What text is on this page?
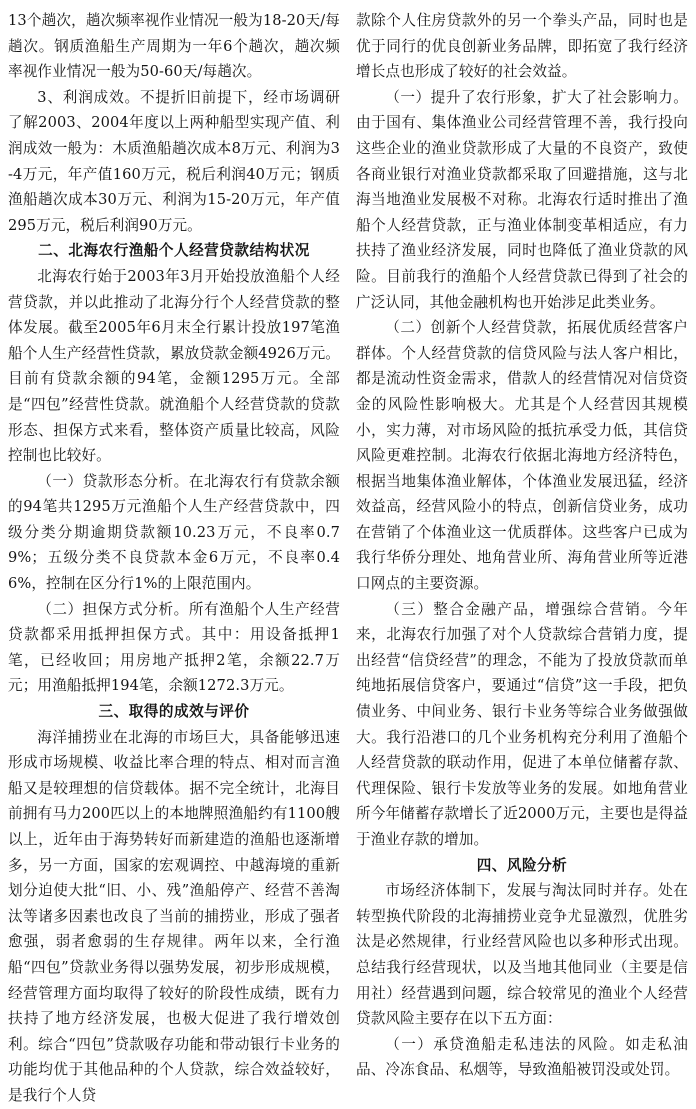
13个趟次，趟次频率视作业情况一般为18-20天/每趟次。钢质渔船生产周期为一年6个趟次，趟次频率视作业情况一般为50-60天/每趟次。

3、利润成效。不提折旧前提下，经市场调研了解2003、2004年度以上两种船型实现产值、利润成效一般为：木质渔船趟次成本8万元、利润为3-4万元，年产值160万元，税后利润40万元；钢质渔船趟次成本30万元、利润为15-20万元，年产值295万元，税后利润90万元。

二、北海农行渔船个人经营贷款结构状况

北海农行始于2003年3月开始投放渔船个人经营贷款，并以此推动了北海分行个人经营贷款的整体发展。截至2005年6月末全行累计投放197笔渔船个人生产经营性贷款，累放贷款金额4926万元。目前有贷款余额的94笔，金额1295万元。全部是“四包”经营性贷款。就渔船个人经营贷款的贷款形态、担保方式来看，整体资产质量比较高，风险控制也比较好。

（一）贷款形态分析。在北海农行有贷款余额的94笔共1295万元渔船个人生产经营贷款中，四级分类分期逾期贷款额10.23万元，不良率0.79%；五级分类不良贷款本金6万元，不良率0.46%，控制在区分行1%的上限范围内。

（二）担保方式分析。所有渔船个人生产经营贷款都采用抵押担保方式。其中：用设备抵押1笔，已经收回；用房地产抵押2笔，余额22.7万元；用渔船抵押194笔，余额1272.3万元。

三、取得的成效与评价

海洋捕捞业在北海的市场巨大，具备能够迅速形成市场规模、收益比率合理的特点、相对而言渔船又是较理想的信贷载体。据不完全统计，北海目前拥有马力200匹以上的本地牌照渔船约有1100艘以上，近年由于海势转好而新建造的渔船也逐渐增多，另一方面，国家的宏观调控、中越海境的重新划分迫使大批“旧、小、残”渔船停产、经营不善淘汰等诸多因素也改良了当前的捕捞业，形成了强者愈强，弱者愈弱的生存规律。两年以来，全行渔船“四包”贷款业务得以强势发展，初步形成规模，经营管理方面均取得了较好的阶段性成绩，既有力扶持了地方经济发展，也极大促进了我行增效创利。综合“四包”贷款吸存功能和带动银行卡业务的功能均优于其他品种的个人贷款，综合效益较好，是我行个人贷

款除个人住房贷款外的另一个拳头产品，同时也是优于同行的优良创新业务品牌，即拓宽了我行经济增长点也形成了较好的社会效益。

（一）提升了农行形象，扩大了社会影响力。由于国有、集体渔业公司经营管理不善，我行投向这些企业的渔业贷款形成了大量的不良资产，致使各商业银行对渔业贷款都采取了回避措施，这与北海当地渔业发展极不对称。北海农行适时推出了渔船个人经营贷款，正与渔业体制变革相适应，有力扶持了渔业经济发展，同时也降低了渔业贷款的风险。目前我行的渔船个人经营贷款已得到了社会的广泛认同，其他金融机构也开始涉足此类业务。

（二）创新个人经营贷款，拓展优质经营客户群体。个人经营贷款的信贷风险与法人客户相比，都是流动性资金需求，借款人的经营情况对信贷资金的风险性影响极大。尤其是个人经营因其规模小，实力薄，对市场风险的抵抗承受力低，其信贷风险更难控制。北海农行依据北海地方经济特色，根据当地集体渔业解体，个体渔业发展迅猛，经济效益高，经营风险小的特点，创新信贷业务，成功在营销了个体渔业这一优质群体。这些客户已成为我行华侨分理处、地角营业所、海角营业所等近港口网点的主要资源。

（三）整合金融产品，增强综合营销。今年来，北海农行加强了对个人贷款综合营销力度，提出经营“信贷经营”的理念，不能为了投放贷款而单纯地拓展信贷客户，要通过“信贷”这一手段，把负债业务、中间业务、银行卡业务等综合业务做强做大。我行沿港口的几个业务机构充分利用了渔船个人经营贷款的联动作用，促进了本单位储蓄存款、代理保险、银行卡发放等业务的发展。如地角营业所今年储蓄存款增长了近2000万元，主要也是得益于渔业存款的增加。

四、风险分析

市场经济体制下，发展与淘汰同时并存。处在转型换代阶段的北海捕捞业竞争尤显激烈，优胜劣汰是必然规律，行业经营风险也以多种形式出现。总结我行经营现状，以及当地其他同业（主要是信用社）经营遇到问题，综合较常见的渔业个人经营贷款风险主要存在以下五方面：

（一）承贷渔船走私违法的风险。如走私油品、冷冻食品、私烟等，导致渔船被罚没或处罚。
